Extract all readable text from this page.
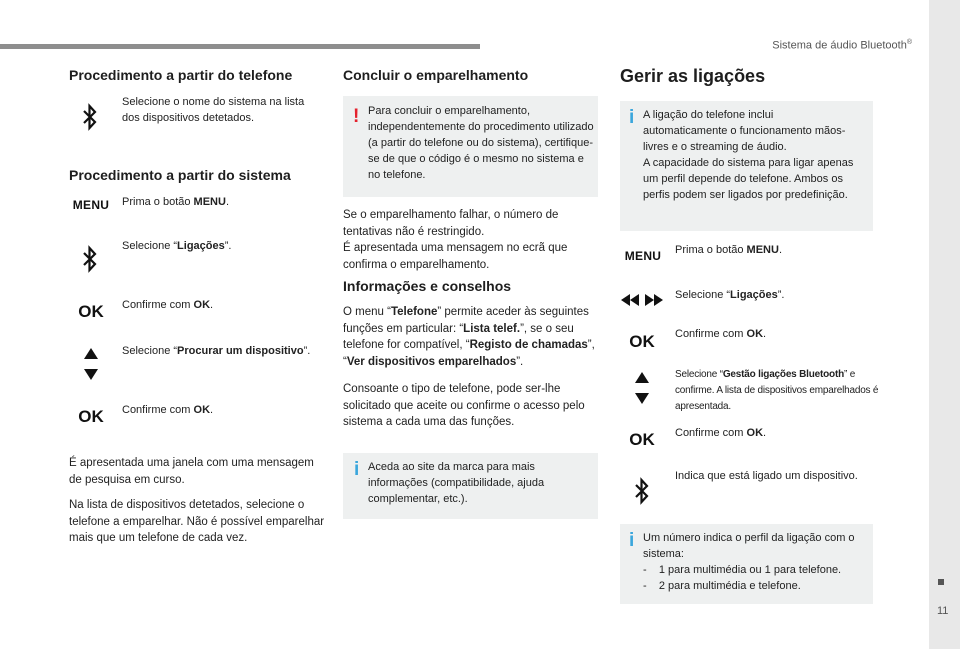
Sistema de áudio Bluetooth®
11
Procedimento a partir do telefone
Selecione o nome do sistema na lista dos dispositivos detetados.
Procedimento a partir do sistema
MENU	Prima o botão MENU.
Selecione “Ligações”.
OK	Confirme com OK.
Selecione “Procurar um dispositivo”.
OK	Confirme com OK.
É apresentada uma janela com uma mensagem de pesquisa em curso.
Na lista de dispositivos detetados, selecione o telefone a emparelhar. Não é possível emparelhar mais que um telefone de cada vez.
Concluir o emparelhamento
! Para concluir o emparelhamento, independentemente do procedimento utilizado (a partir do telefone ou do sistema), certifique-se de que o código é o mesmo no sistema e no telefone.
Se o emparelhamento falhar, o número de tentativas não é restringido.
É apresentada uma mensagem no ecrã que confirma o emparelhamento.
Informações e conselhos
O menu “Telefone” permite aceder às seguintes funções em particular: “Lista telef.”, se o seu telefone for compatível, “Registo de chamadas”, “Ver dispositivos emparelhados”.
Consoante o tipo de telefone, pode ser-lhe solicitado que aceite ou confirme o acesso pelo sistema a cada uma das funções.
i Aceda ao site da marca para mais informações (compatibilidade, ajuda complementar, etc.).
Gerir as ligações
i A ligação do telefone inclui automaticamente o funcionamento mãos-livres e o streaming de áudio.
A capacidade do sistema para ligar apenas um perfil depende do telefone. Ambos os perfis podem ser ligados por predefinição.
MENU	Prima o botão MENU.
Selecione “Ligações”.
OK	Confirme com OK.
Selecione “Gestão ligações Bluetooth” e confirme. A lista de dispositivos emparelhados é apresentada.
OK	Confirme com OK.
Indica que está ligado um dispositivo.
i Um número indica o perfil da ligação com o sistema:
-    1 para multimédia ou 1 para telefone.
-    2 para multimédia e telefone.
